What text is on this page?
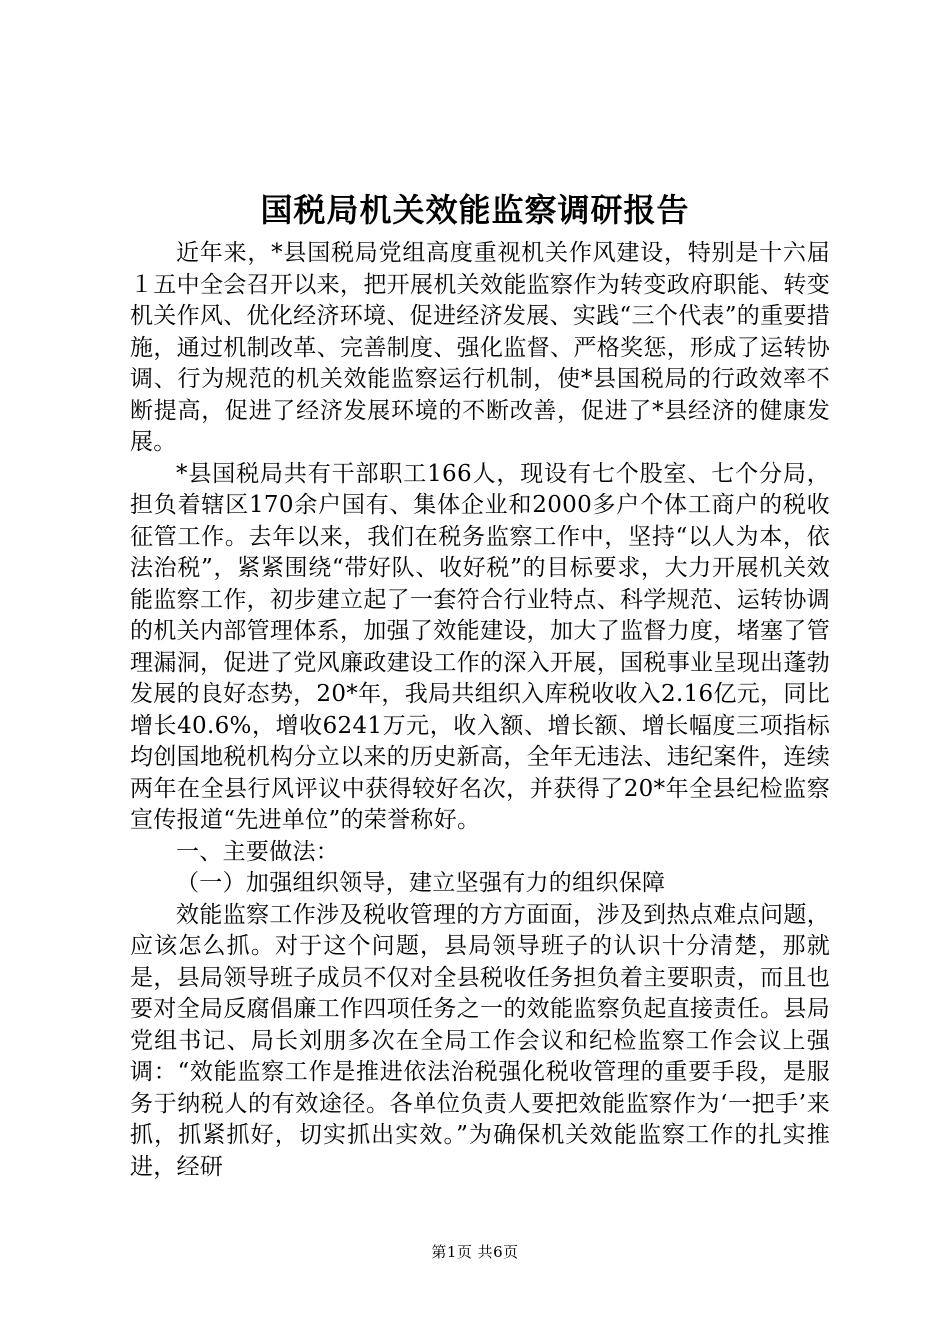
国税局机关效能监察调研报告

近年来，*县国税局党组高度重视机关作风建设，特别是十六届１五中全会召开以来，把开展机关效能监察作为转变政府职能、转变机关作风、优化经济环境、促进经济发展、实践“三个代表”的重要措施，通过机制改革、完善制度、强化监督、严格奖惩，形成了运转协调、行为规范的机关效能监察运行机制，使*县国税局的行政效率不断提高，促进了经济发展环境的不断改善，促进了*县经济的健康发展。

*县国税局共有干部职工166人，现设有七个股室、七个分局，担负着辖区170余户国有、集体企业和2000多户个体工商户的税收征管工作。去年以来，我们在税务监察工作中，坚持“以人为本，依法治税”，紧紧围绕“带好队、收好税”的目标要求，大力开展机关效能监察工作，初步建立起了一套符合行业特点、科学规范、运转协调的机关内部管理体系，加强了效能建设，加大了监督力度，堵塞了管理漏洞，促进了党风廉政建设工作的深入开展，国税事业呈现出蓬勃发展的良好态势，20*年，我局共组织入库税收收入2.16亿元，同比增长40.6%，增收6241万元，收入额、增长额、增长幅度三项指标均创国地税机构分立以来的历史新高，全年无违法、违纪案件，连续两年在全县行风评议中获得较好名次，并获得了20*年全县纪检监察宣传报道“先进单位”的荣誉称好。

一、主要做法：

（一）加强组织领导，建立坚强有力的组织保障

效能监察工作涉及税收管理的方方面面，涉及到热点难点问题，应该怎么抓。对于这个问题，县局领导班子的认识十分清楚，那就是，县局领导班子成员不仅对全县税收任务担负着主要职责，而且也要对全局反腐倡廉工作四项任务之一的效能监察负起直接责任。县局党组书记、局长刘朋多次在全局工作会议和纪检监察工作会议上强调：“效能监察工作是推进依法治税强化税收管理的重要手段，是服务于纳税人的有效途径。各单位负责人要把效能监察作为‘一把手’来抓，抓紧抓好，切实抓出实效。”为确保机关效能监察工作的扎实推进，经研

第1页 共6页
